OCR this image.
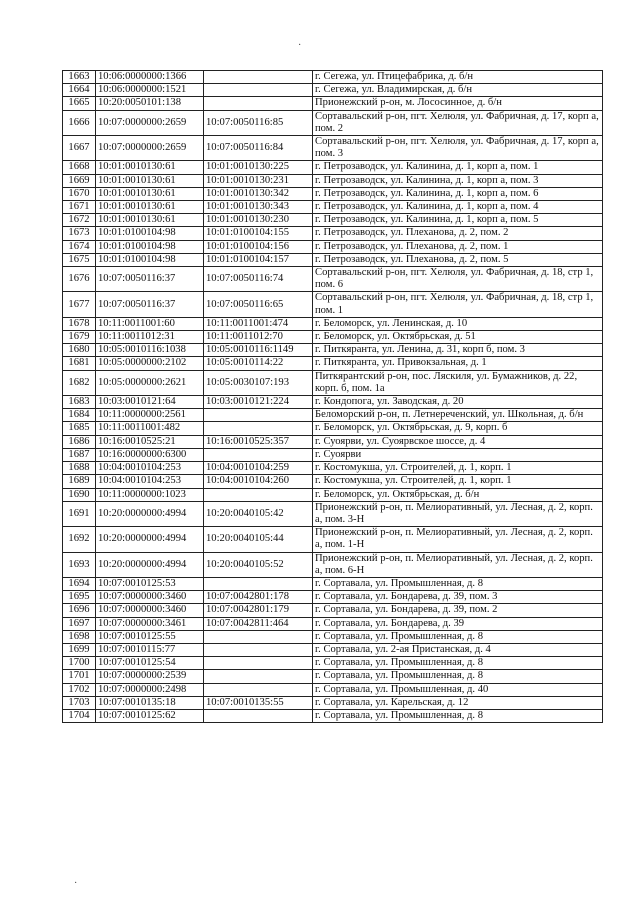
·
·
1663	10:06:0000000:1366		г. Сегежа, ул. Птицефабрика, д. б/н
1664	10:06:0000000:1521		г. Сегежа, ул. Владимирская, д. б/н
1665	10:20:0050101:138		Прионежский р-он, м. Лососинное, д. б/н
1666	10:07:0000000:2659	10:07:0050116:85	Сортавальский р-он, пгт. Хелюля, ул. Фабричная, д. 17, корп а, пом. 2
1667	10:07:0000000:2659	10:07:0050116:84	Сортавальский р-он, пгт. Хелюля, ул. Фабричная, д. 17, корп а, пом. 3
1668	10:01:0010130:61	10:01:0010130:225	г. Петрозаводск, ул. Калинина, д. 1, корп а, пом. 1
1669	10:01:0010130:61	10:01:0010130:231	г. Петрозаводск, ул. Калинина, д. 1, корп а, пом. 3
1670	10:01:0010130:61	10:01:0010130:342	г. Петрозаводск, ул. Калинина, д. 1, корп а, пом. 6
1671	10:01:0010130:61	10:01:0010130:343	г. Петрозаводск, ул. Калинина, д. 1, корп а, пом. 4
1672	10:01:0010130:61	10:01:0010130:230	г. Петрозаводск, ул. Калинина, д. 1, корп а, пом. 5
1673	10:01:0100104:98	10:01:0100104:155	г. Петрозаводск, ул. Плеханова, д. 2, пом. 2
1674	10:01:0100104:98	10:01:0100104:156	г. Петрозаводск, ул. Плеханова, д. 2, пом. 1
1675	10:01:0100104:98	10:01:0100104:157	г. Петрозаводск, ул. Плеханова, д. 2, пом. 5
1676	10:07:0050116:37	10:07:0050116:74	Сортавальский р-он, пгт. Хелюля, ул. Фабричная, д. 18, стр 1, пом. 6
1677	10:07:0050116:37	10:07:0050116:65	Сортавальский р-он, пгт. Хелюля, ул. Фабричная, д. 18, стр 1, пом. 1
1678	10:11:0011001:60	10:11:0011001:474	г. Беломорск, ул. Ленинская, д. 10
1679	10:11:0011012:31	10:11:0011012:70	г. Беломорск, ул. Октябрьская, д. 51
1680	10:05:0010116:1038	10:05:0010116:1149	г. Питкяранта, ул. Ленина, д. 31, корп б, пом. 3
1681	10:05:0000000:2102	10:05:0010114:22	г. Питкяранта, ул. Привокзальная, д. 1
1682	10:05:0000000:2621	10:05:0030107:193	Питкярантский р-он, пос. Ляскиля, ул. Бумажников, д. 22, корп. б, пом. 1а
1683	10:03:0010121:64	10:03:0010121:224	г. Кондопога, ул. Заводская, д. 20
1684	10:11:0000000:2561		Беломорский р-он, п. Летнереченский, ул. Школьная, д. б/н
1685	10:11:0011001:482		г. Беломорск, ул. Октябрьская, д. 9, корп. б
1686	10:16:0010525:21	10:16:0010525:357	г. Суоярви, ул. Суоярвское шоссе, д. 4
1687	10:16:0000000:6300		г. Суоярви
1688	10:04:0010104:253	10:04:0010104:259	г. Костомукша, ул. Строителей, д. 1, корп. 1
1689	10:04:0010104:253	10:04:0010104:260	г. Костомукша, ул. Строителей, д. 1, корп. 1
1690	10:11:0000000:1023		г. Беломорск, ул. Октябрьская, д. б/н
1691	10:20:0000000:4994	10:20:0040105:42	Прионежский р-он, п. Мелиоративный, ул. Лесная, д. 2, корп. а, пом. 3-Н
1692	10:20:0000000:4994	10:20:0040105:44	Прионежский р-он, п. Мелиоративный, ул. Лесная, д. 2, корп. а, пом. 1-Н
1693	10:20:0000000:4994	10:20:0040105:52	Прионежский р-он, п. Мелиоративный, ул. Лесная, д. 2, корп. а, пом. 6-Н
1694	10:07:0010125:53		г. Сортавала, ул. Промышленная, д. 8
1695	10:07:0000000:3460	10:07:0042801:178	г. Сортавала, ул. Бондарева, д. 39, пом. 3
1696	10:07:0000000:3460	10:07:0042801:179	г. Сортавала, ул. Бондарева, д. 39, пом. 2
1697	10:07:0000000:3461	10:07:0042811:464	г. Сортавала, ул. Бондарева, д. 39
1698	10:07:0010125:55		г. Сортавала, ул. Промышленная, д. 8
1699	10:07:0010115:77		г. Сортавала, ул. 2-ая Пристанская, д. 4
1700	10:07:0010125:54		г. Сортавала, ул. Промышленная, д. 8
1701	10:07:0000000:2539		г. Сортавала, ул. Промышленная, д. 8
1702	10:07:0000000:2498		г. Сортавала, ул. Промышленная, д. 40
1703	10:07:0010135:18	10:07:0010135:55	г. Сортавала, ул. Карельская, д. 12
1704	10:07:0010125:62		г. Сортавала, ул. Промышленная, д. 8
